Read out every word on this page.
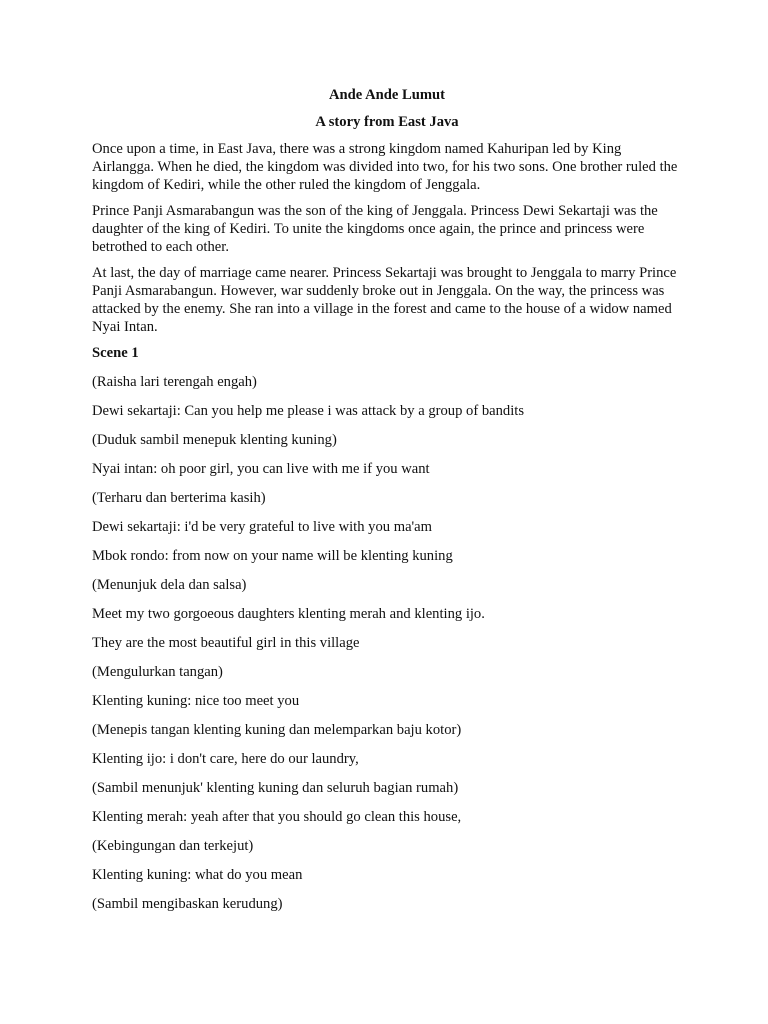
Ande Ande Lumut
A story from East Java

Once upon a time, in East Java, there was a strong kingdom named Kahuripan led by King Airlangga. When he died, the kingdom was divided into two, for his two sons. One brother ruled the kingdom of Kediri, while the other ruled the kingdom of Jenggala.

Prince Panji Asmarabangun was the son of the king of Jenggala. Princess Dewi Sekartaji was the daughter of the king of Kediri. To unite the kingdoms once again, the prince and princess were betrothed to each other.

At last, the day of marriage came nearer. Princess Sekartaji was brought to Jenggala to marry Prince Panji Asmarabangun. However, war suddenly broke out in Jenggala. On the way, the princess was attacked by the enemy. She ran into a village in the forest and came to the house of a widow named Nyai Intan.

Scene 1
(Raisha lari terengah engah)
Dewi sekartaji: Can you help me please i was attack by a group of bandits
(Duduk sambil menepuk klenting kuning)
Nyai intan: oh poor girl, you can live with me if you want
(Terharu dan berterima kasih)
Dewi sekartaji: i'd be very grateful to live with you ma'am
Mbok rondo: from now on your name will be klenting kuning
(Menunjuk dela dan salsa)
Meet my two gorgoeous daughters klenting merah and klenting ijo.
They are the most beautiful girl in this village
(Mengulurkan tangan)
Klenting kuning: nice too meet you
(Menepis tangan klenting kuning dan melemparkan baju kotor)
Klenting ijo: i don't care, here do our laundry,
(Sambil menunjuk' klenting kuning dan seluruh bagian rumah)
Klenting merah: yeah after that you should go clean this house,
(Kebingungan dan terkejut)
Klenting kuning: what do you mean
(Sambil mengibaskan kerudung)
